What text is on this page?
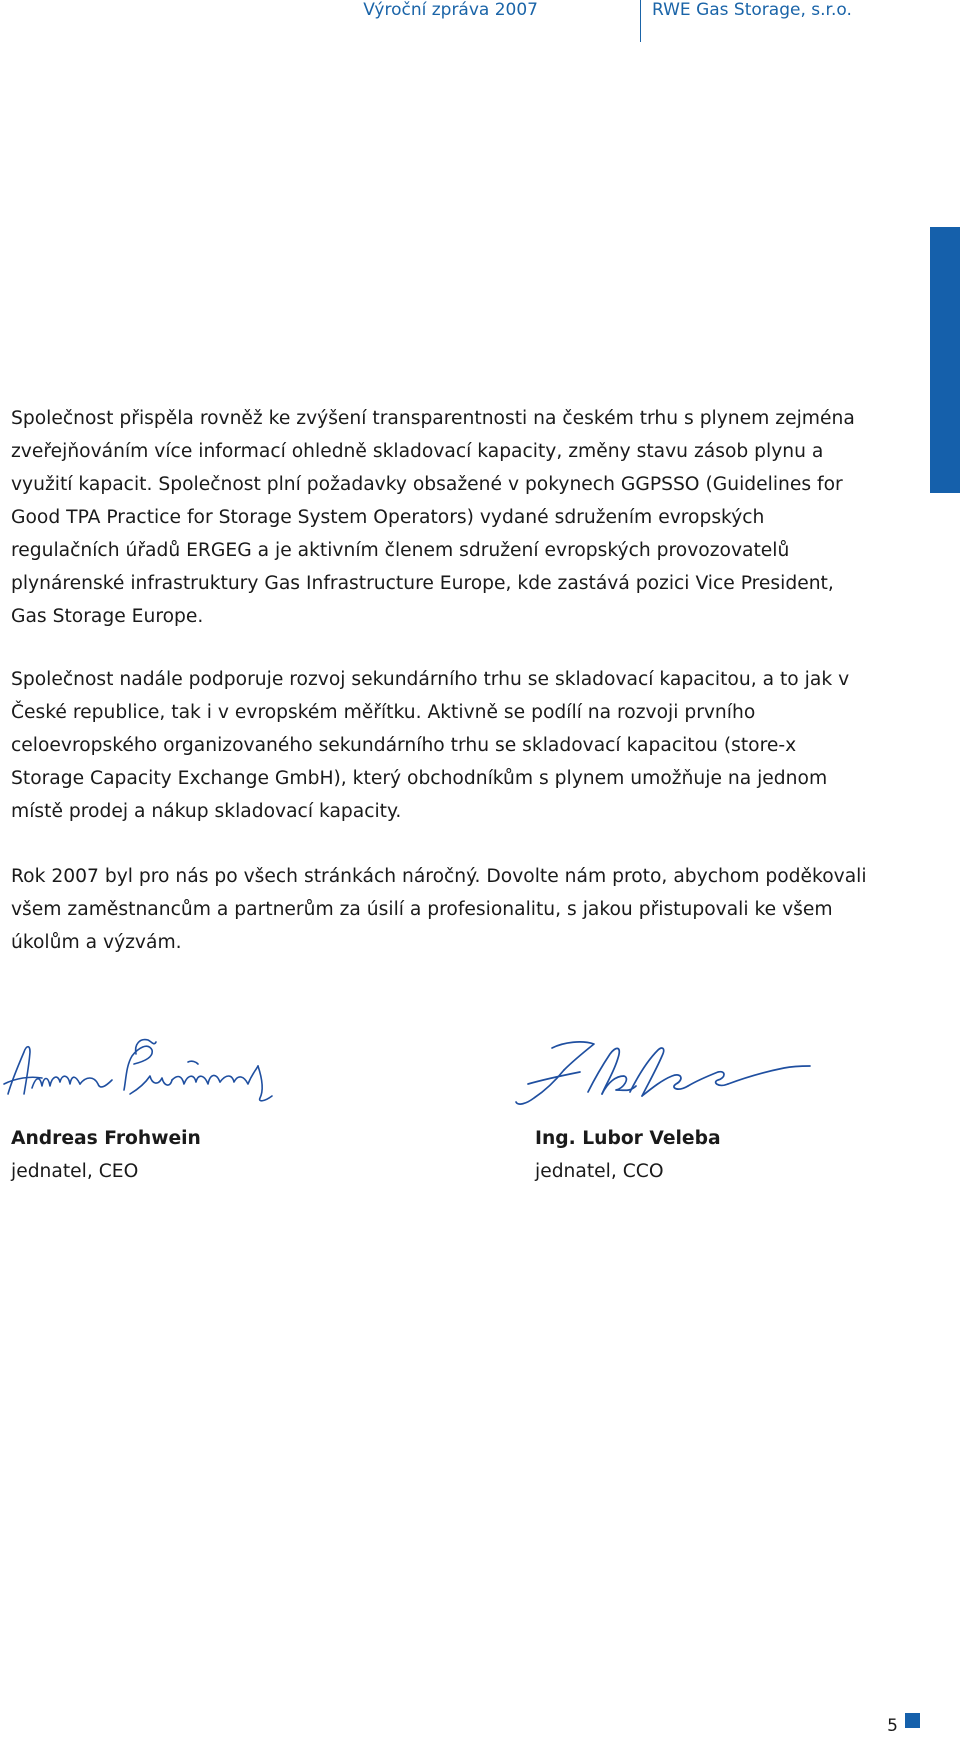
Výroční zpráva 2007	RWE Gas Storage, s.r.o.

Společnost přispěla rovněž ke zvýšení transparentnosti na českém trhu s plynem zejména zveřejňováním více informací ohledně skladovací kapacity, změny stavu zásob plynu a využití kapacit. Společnost plní požadavky obsažené v pokynech GGPSSO (Guidelines for Good TPA Practice for Storage System Operators) vydané sdružením evropských regulačních úřadů ERGEG a je aktivním členem sdružení evropských provozovatelů plynárenské infrastruktury Gas Infrastructure Europe, kde zastává pozici Vice President, Gas Storage Europe.

Společnost nadále podporuje rozvoj sekundárního trhu se skladovací kapacitou, a to jak v České republice, tak i v evropském měřítku. Aktivně se podílí na rozvoji prvního celoevropského organizovaného sekundárního trhu se skladovací kapacitou (store-x Storage Capacity Exchange GmbH), který obchodníkům s plynem umožňuje na jednom místě prodej a nákup skladovací kapacity.

Rok 2007 byl pro nás po všech stránkách náročný. Dovolte nám proto, abychom poděkovali všem zaměstnancům a partnerům za úsilí a profesionalitu, s jakou přistupovali ke všem úkolům a výzvám.

Andreas Frohwein
jednatel, CEO
Ing. Lubor Veleba
jednatel, CCO
5
